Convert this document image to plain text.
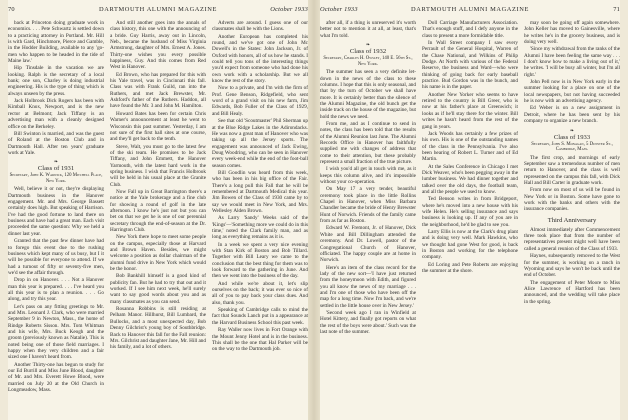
70	DARTMOUTH ALUMNI MAGAZINE	October 1933

back at Princeton doing graduate work in economics. . . . Pete Schwartz is settled down to a practicing attorney in Portland. Mr. Hill is with Gard, Hinchmore, Pierce and Gamble, in the Hodder Building, available to any 'go-men who happen to be headed in the tide of Maine law.'

Hip Tinsdale in the vacation we are looking. Ralph is the secretary of a local bank; one son, Charley is doing industrial engineering. His is the type of thing which is always unseen by the press.

Jack Holbrook Dick Rogers has been with Kimball Knox, Newport, and is the new rector at Belmont; Jack Tiffany is an advertising man with a cleanly designed office on the Berkeley.

Bill Swinton is married, and was the guest of Roland at the Boston Club and in Dartmouth Hall. After ten years' graduate work at Yale.

❧
Class of 1931
Secretary, John K. Warwick, 120 Mitchell Place, New York.

Well, believe it or not, they're displaying Dartmouth business in the Hanover engagement. Mr. and Mrs. George Bassett certainly does high. But speaking of Harrison. I've had the good fortune to land there on business and have had a great man. Each visit proceeded the same question: Why we held a dinner last year.

Granted that the past few dinner have had to forego this event due to the rushing business which kept many of us busy, but I it will be possible for everyone to attend. If we had a turnout of fifty or seventy-five men, we'd see the affair through.

Drop in on Hanover. . . . Not a Hanover man this year is prepared. . . . I've heard you all this year is to plan a reunion. . . . Go along, and try this year.

Let's pass on any fitting greetings to Mr. and Mrs. Leonard J. Clark, who were married September 9 in Newton, Mass., the home of Rindge Roberts Sisson. Mrs. Tom Whitman and his wife, Mrs. Buck Keogh and the groom (previously known as Natalie). This is noted being one of those field marriages. I happy when they very children and a fair sized one I haven't heard from.

Another Thirty-one has begun to study for our Ed Burrill and Miss June Blood, daughter of Mr. and Mrs. Everett Howe Blood, were married on July 20 at the Old Church in Longmeadow, Mass.

And still another goes into the annals of class history, this one with the announcing of a bride. Guy Harris, away out in Lincoln, Neb., became the husband of Miss Virginia Armstrong, daughter of Mrs. Ernest A. Jones. Thirty-one wishes you every possible happiness, Guy. And this comes from Red West in Hanover.

Ed Brown, who has prepared for this with his Yale travel, was in Cincinnati this fall. Class was with Frank Guild, ran into the Ruthers, and met Jack Brewster, Mr. Ashford's father of the Ruthers. Haddon, all have found the Mr. 3 and John M. Hamilton.

Howard Bates has been for certain Chris Warner's announcement at least he went to Wisconsin this past summer. Yesterday, I am not sure of the first hall sites at one course, and they'll get back to the tenth.

Steve, Walt, you must go to the latest few of the ski team. He promises to be Jack Tiffany, and John Emmett, the Hanover Yarmouth, with the latest hard work in the spring business. I wish that Francis Holbrook will be held in his usual place at the Granite Club.

Now Fall up in Great Barrington there's a notice at the Yale brokerage and a fine club for showing a round of golf in the late afternoon. I know he's just not but you can bet on that we get he is one of our perennial secretary through the end-of-season at the Dr. Harrington Club.

New York there hope to meet some people on the campus, especially those at Harvard and Brown Haven. Besides, we might welcome a position as dollar chairman of the alumni fund drive in New York which would be the honor.

Bob Bankhill himself is a good kind of publicity fan. But he had to try that out and it worked. If I see him next week, he'll surely want to say good words about you and as many classmates as you can send.

Rosanna Robbins is still residing at Pelham Manor. Hillhurst, Bill Lumbard, the Bullocks, and a most unexpected day, Bob Denny Gilchrist's young boy of Southbridge. Back to Hanover this fall for the Fall reunion: Mrs. Gilchrist and daughter Jane, Mr. Hill and his family, and a lot of others.

Adverts are around. I guess one of our classmates shall be with the Lions.

Another European has completed his round, and we've got one of John Mc Dowell's in the States: John Jackson, Jr. of Oxford with honors, all of us how he stands. I could tell you tons of the interesting things you'd expect from someone who had done his own work with a scholarship. But we all know the rest of the story.

Now to a private, and I'm with the firm of Prof. Gene Benson, Ridgefield, who sent word of a grand visit on his new farm, Jim Edwards, Bob Fuller of the Class of 1929, and Bill Healy.

See that old 'Scoutmaster' Phil Sherman up at the Blue Ridge Lakes in the Adirondacks. He was now a great man of Hanover who was taking up all the Jersey sports. The engagement was announced of Jack Ewing, Doug Woodring, who can be seen in Hanover every week-end while the end of the foot-ball season comes.

Bill Goodlin was heard from this week, who has been in his big office of the Fair. There's a long pull this Fall that he will be remembered at Dartmouth Medical this year. Jim Bowen of the Class of 1930 came by to say we would meet in New York, and Mrs. Wellesley Alden Brown.

As Larry 'Sandy' Weeks said of the 'Kings'—'Something more we could do in this time,' noted the Clark family man, and as long as everything remains as it is.

In a week we spent a very nice evening with Stan Kirk of Boston and Bob Tillard. Together with Bill Leary we came to the conclusion that the best thing for them was to look forward to the gathering in June. And then we went into the business of the day.

And while we're about it, let's slip ourselves on the back; it was ever so nice of all of you to pay back your class dues. And also, thank you.

Speaking of Cambridge calls to mind the fact that Sounds Lanch put in a appearance at the Harvard Business School this past week.

Ray Waller now lives in Fort Orange with the Mount Jenny Hotel and is in the business. This shall be the one that Hal Parker will be on the way to the Dartmouth job.

October 1933	DARTMOUTH ALUMNI MAGAZINE	71

after all, if a thing is unreserved it's worth better not to mention it at all, at least, that's what I'm told.

❧
Class of 1932
Secretary, Charles H. Owsley, 140 E. 56th St., New York.

The summer has seen a very definite let-down in the news of the class to these columns. I hope that this is only seasonal, and that by the turn of October we shall have more. It is certainly better than the silence of the Alumni Magazine, the old bunch get the inside track on the house of the magazine, but hold the news we need.

From me, and as I continue to send in notes, the class has been told that the results of the Alumni Reunion last June. The Alumni Records Office in Hanover has faithfully supplied me with changes of address that come to their attention, but these probably represent a small fraction of the true picture.

I wish you'd all get in touch with me, as it keeps this column alive, and it's impossible without your co-operation.

On May 17 a very tender, beautiful ceremony took place in the little Rollins Chapel in Hanover, when Miss Barbara Chandler became the bride of Henry Brewster Hunt of Norwich. Friends of the family came from as far as Boston.

Edward W. Fremont, Jr. of Hanover, Dick White and Bill Dillingham attended the ceremony. And Dr. Lowell, pastor of the Congregational Church of Hanover, officiated. The happy couple are at home in Norwich.

Here's an item of the class record for the lady of the new sort—'I have just returned from the honeymoon with Edith, and figured you all know the news of my marriage . . . and I'm one of those who have been off the map for a long time. Now I'm back, and we're settled in the little house over in New Jersey.'

'Second week ago I ran in Winfield at Hotel Kittery, and finally got reports on what the rest of the boys were about.' Such was the last note of the summer.

Doll Carriage Manufacturers Association. That's enough stuff, and I defy anyone in the class to present a more formidable title.

In Wall Street company I saw every Perrault of the General Hospital, Warren of the Chase National, and Wilkins of Philip Dodge. At North with various of the Federal Reserve, the business and Ward—who were thinking of going back for early baseball practice. Bud Gordon was in the bunch, and his name is in the paper.

Another New Yorker who seems to have retired to the country is Bill Greer, who is now at his father's place at Greenwich; it looks as if he'll stay there for the winter. Bill writes he hasn't heard from the rest of the gang in years.

Jack Woods has certainly a few prizes of his own. His is one of the outstanding names of the class in the Pennsylvania. I've also been hearing of Robert L. Turner and of Ed Martin.

At the Sales Conference in Chicago I met Dick Weaver, who's been pegging away in the lumber business. We had dinner together and talked over the old days, the football team, and all the people we used to know.

Ted Benson writes in from Bridgeport, where he's moved into a new house with his wife Helen. He's selling insurance and says business is looking up. If any of you are in the neighborhood, he'd be glad to see you.

Larry Ellis is now at the Clark's drug plant and is doing very well. Mark Hawkins, who we thought had gone West for good, is back in Boston and working for the telephone company.

Ed Loring and Pete Roberts are enjoying the summer at the shore.

may soon be going off again somewhere. John Keller has moved to Gainesville, where he writes he's in the grocery business, and is doing very well.

'Since my withdrawal from the ranks of the Alumni I have been feeling the same way . . . I don't know how to make a living out of it,' he writes. 'I will be busy all winter, but I'm all right.'

John Pell now is in New York early in the summer looking for a place on one of the local newspapers, but not having succeeded he is now with an advertising agency.

Ed Weber is on a new assignment in Detroit, where he has been sent by his company to organize a new branch.

❧
Class of 1933
Secretary, John S. Monagan, 5 Dunster St., Cambridge, Mass.

The first crop, and mornings of early September saw a tremendous number of men return to Hanover, and the class is well represented on the campus this fall, with Dick Hall and Bill Carter in graduate work.

From now on most of us will be found in New York or in Boston. Some have gone to work with the banks and others with the insurance companies.

Third Anniversary

Almost immediately after Commencement three took place that from the number of representatives present might well have been called a general reunion of the Class of 1933.

Haynes, subsequently removed to the West for the summer, is working on a ranch in Wyoming and says he won't be back until the end of October.

The engagement of Peter Moore to Miss Alice Lawrence of Hartford has been announced, and the wedding will take place in the spring.
